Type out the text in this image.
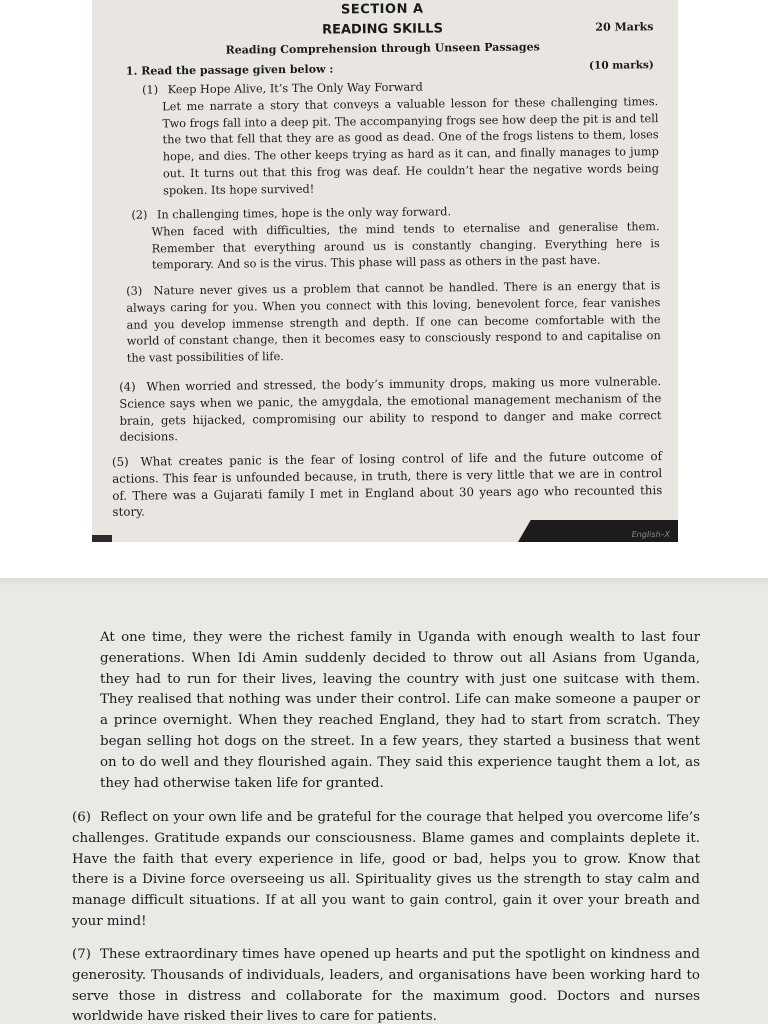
SECTION A
READING SKILLS	20 Marks
Reading Comprehension through Unseen Passages
1. Read the passage given below :	(10 marks)
(1) Keep Hope Alive, It’s The Only Way Forward
Let me narrate a story that conveys a valuable lesson for these challenging times. Two frogs fall into a deep pit. The accompanying frogs see how deep the pit is and tell the two that fell that they are as good as dead. One of the frogs listens to them, loses hope, and dies. The other keeps trying as hard as it can, and finally manages to jump out. It turns out that this frog was deaf. He couldn’t hear the negative words being spoken. Its hope survived!
(2) In challenging times, hope is the only way forward.
When faced with difficulties, the mind tends to eternalise and generalise them. Remember that everything around us is constantly changing. Everything here is temporary. And so is the virus. This phase will pass as others in the past have.
(3) Nature never gives us a problem that cannot be handled. There is an energy that is always caring for you. When you connect with this loving, benevolent force, fear vanishes and you develop immense strength and depth. If one can become comfortable with the world of constant change, then it becomes easy to consciously respond to and capitalise on the vast possibilities of life.
(4) When worried and stressed, the body’s immunity drops, making us more vulnerable. Science says when we panic, the amygdala, the emotional management mechanism of the brain, gets hijacked, compromising our ability to respond to danger and make correct decisions.
(5) What creates panic is the fear of losing control of life and the future outcome of actions. This fear is unfounded because, in truth, there is very little that we are in control of. There was a Gujarati family I met in England about 30 years ago who recounted this story.
English–X
At one time, they were the richest family in Uganda with enough wealth to last four generations. When Idi Amin suddenly decided to throw out all Asians from Uganda, they had to run for their lives, leaving the country with just one suitcase with them. They realised that nothing was under their control. Life can make someone a pauper or a prince overnight. When they reached England, they had to start from scratch. They began selling hot dogs on the street. In a few years, they started a business that went on to do well and they flourished again. They said this experience taught them a lot, as they had otherwise taken life for granted.
(6) Reflect on your own life and be grateful for the courage that helped you overcome life’s challenges. Gratitude expands our consciousness. Blame games and complaints deplete it. Have the faith that every experience in life, good or bad, helps you to grow. Know that there is a Divine force overseeing us all. Spirituality gives us the strength to stay calm and manage difficult situations. If at all you want to gain control, gain it over your breath and your mind!
(7) These extraordinary times have opened up hearts and put the spotlight on kindness and generosity. Thousands of individuals, leaders, and organisations have been working hard to serve those in distress and collaborate for the maximum good. Doctors and nurses worldwide have risked their lives to care for patients.
